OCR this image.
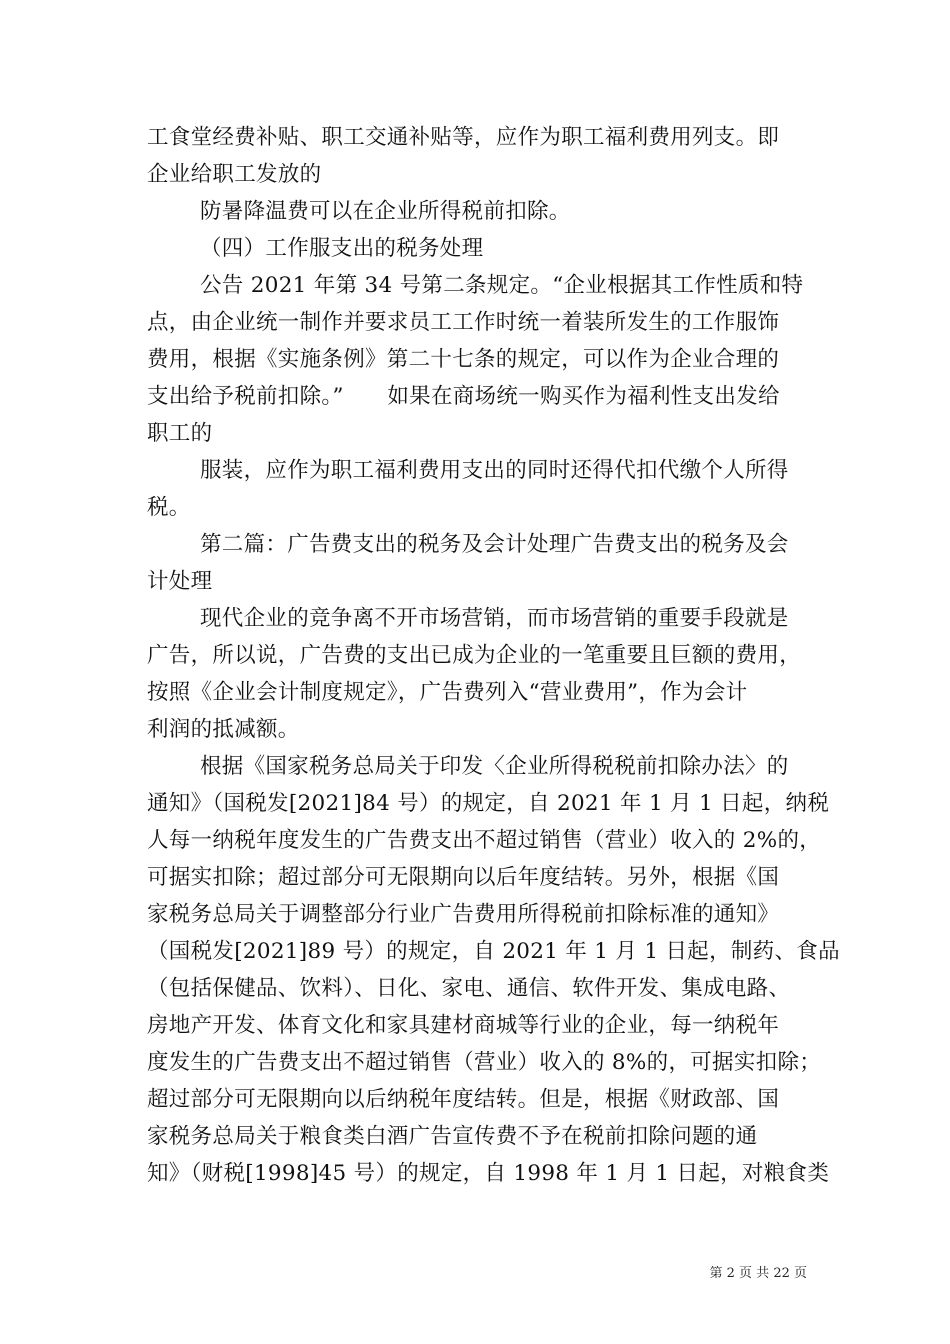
工食堂经费补贴、职工交通补贴等，应作为职工福利费用列支。即
企业给职工发放的
防暑降温费可以在企业所得税前扣除。
（四）工作服支出的税务处理
公告 2021 年第 34 号第二条规定。“企业根据其工作性质和特
点，由企业统一制作并要求员工工作时统一着装所发生的工作服饰
费用，根据《实施条例》第二十七条的规定，可以作为企业合理的
支出给予税前扣除。”　　如果在商场统一购买作为福利性支出发给
职工的
服装，应作为职工福利费用支出的同时还得代扣代缴个人所得
税。
第二篇：广告费支出的税务及会计处理广告费支出的税务及会
计处理
现代企业的竞争离不开市场营销，而市场营销的重要手段就是
广告，所以说，广告费的支出已成为企业的一笔重要且巨额的费用，
按照《企业会计制度规定》，广告费列入“营业费用”，作为会计
利润的抵减额。
根据《国家税务总局关于印发〈企业所得税税前扣除办法〉的
通知》（国税发[2021]84 号）的规定，自 2021 年 1 月 1 日起，纳税
人每一纳税年度发生的广告费支出不超过销售（营业）收入的 2%的，
可据实扣除；超过部分可无限期向以后年度结转。另外，根据《国
家税务总局关于调整部分行业广告费用所得税前扣除标准的通知》
（国税发[2021]89 号）的规定，自 2021 年 1 月 1 日起，制药、食品
（包括保健品、饮料）、日化、家电、通信、软件开发、集成电路、
房地产开发、体育文化和家具建材商城等行业的企业，每一纳税年
度发生的广告费支出不超过销售（营业）收入的 8%的，可据实扣除；
超过部分可无限期向以后纳税年度结转。但是，根据《财政部、国
家税务总局关于粮食类白酒广告宣传费不予在税前扣除问题的通
知》（财税[1998]45 号）的规定，自 1998 年 1 月 1 日起，对粮食类
第 2 页 共 22 页
